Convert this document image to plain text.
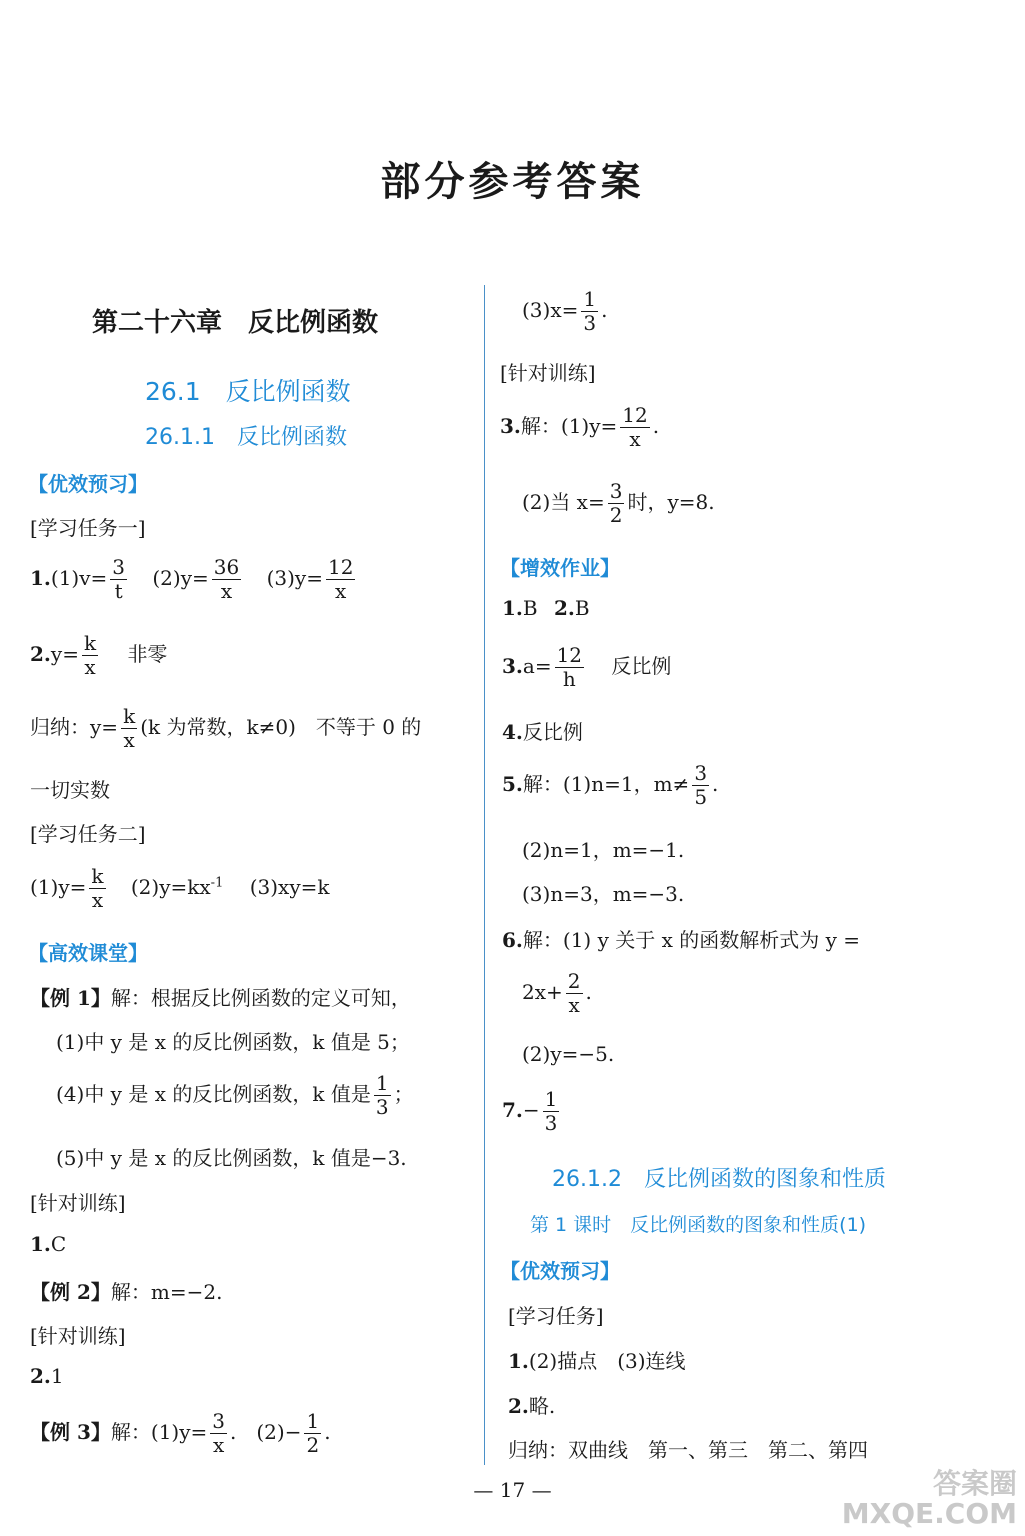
部分参考答案
第二十六章　反比例函数
26.1　反比例函数
26.1.1　反比例函数
【优效预习】
[学习任务一]
$1.(1)v= \frac{3}{t} (2)y= \frac{36}{x} (3)y= \frac{12}{x}$
$2.y= \frac{k}{x}$ 非零
归纳：$y= \frac{k}{x} (k$ 为常数，k≠0)　不等于 0 的
一切实数
[学习任务二]
$(1)y= \frac{k}{x} (2)y=kx^{-1}$ (3)xy=k
【高效课堂】
【例 1】解：根据反比例函数的定义可知，
(1)中 y 是 x 的反比例函数，k 值是 5；
(4)中 y 是 x 的反比例函数，k 值是 $\frac{1}{3}$ ；
(5)中 y 是 x 的反比例函数，k 值是−3.
[针对训练]
1.C
【例 2】解：m=−2.
[针对训练]
2.1
【例 3】解：$(1)y= \frac{3}{x}$ .　$(2)- \frac{1}{2}$ .
$(3)x= \frac{1}{3}$ .
[针对训练]
3.解：$(1)y= \frac{12}{x}$ .
(2)当 $x= \frac{3}{2}$ 时，y=8.
【增效作业】
1.B 2.B
$3.a= \frac{12}{h}$ 反比例
4.反比例
5.解：(1)n=1，$m\ne \frac{3}{5}$ .
(2)n=1，m=−1.
(3)n=3，m=−3.
6.解：(1) y 关于 x 的函数解析式为 y =
$2x+ \frac{2}{x}$ .
(2)y=−5.
$7.- \frac{1}{3}$
26.1.2　反比例函数的图象和性质
第 1 课时　反比例函数的图象和性质(1)
【优效预习】
[学习任务]
1.(2)描点　(3)连线
2.略.
归纳：双曲线　第一、第三　第二、第四
— 17 —	答案圈
MXQE.COM
